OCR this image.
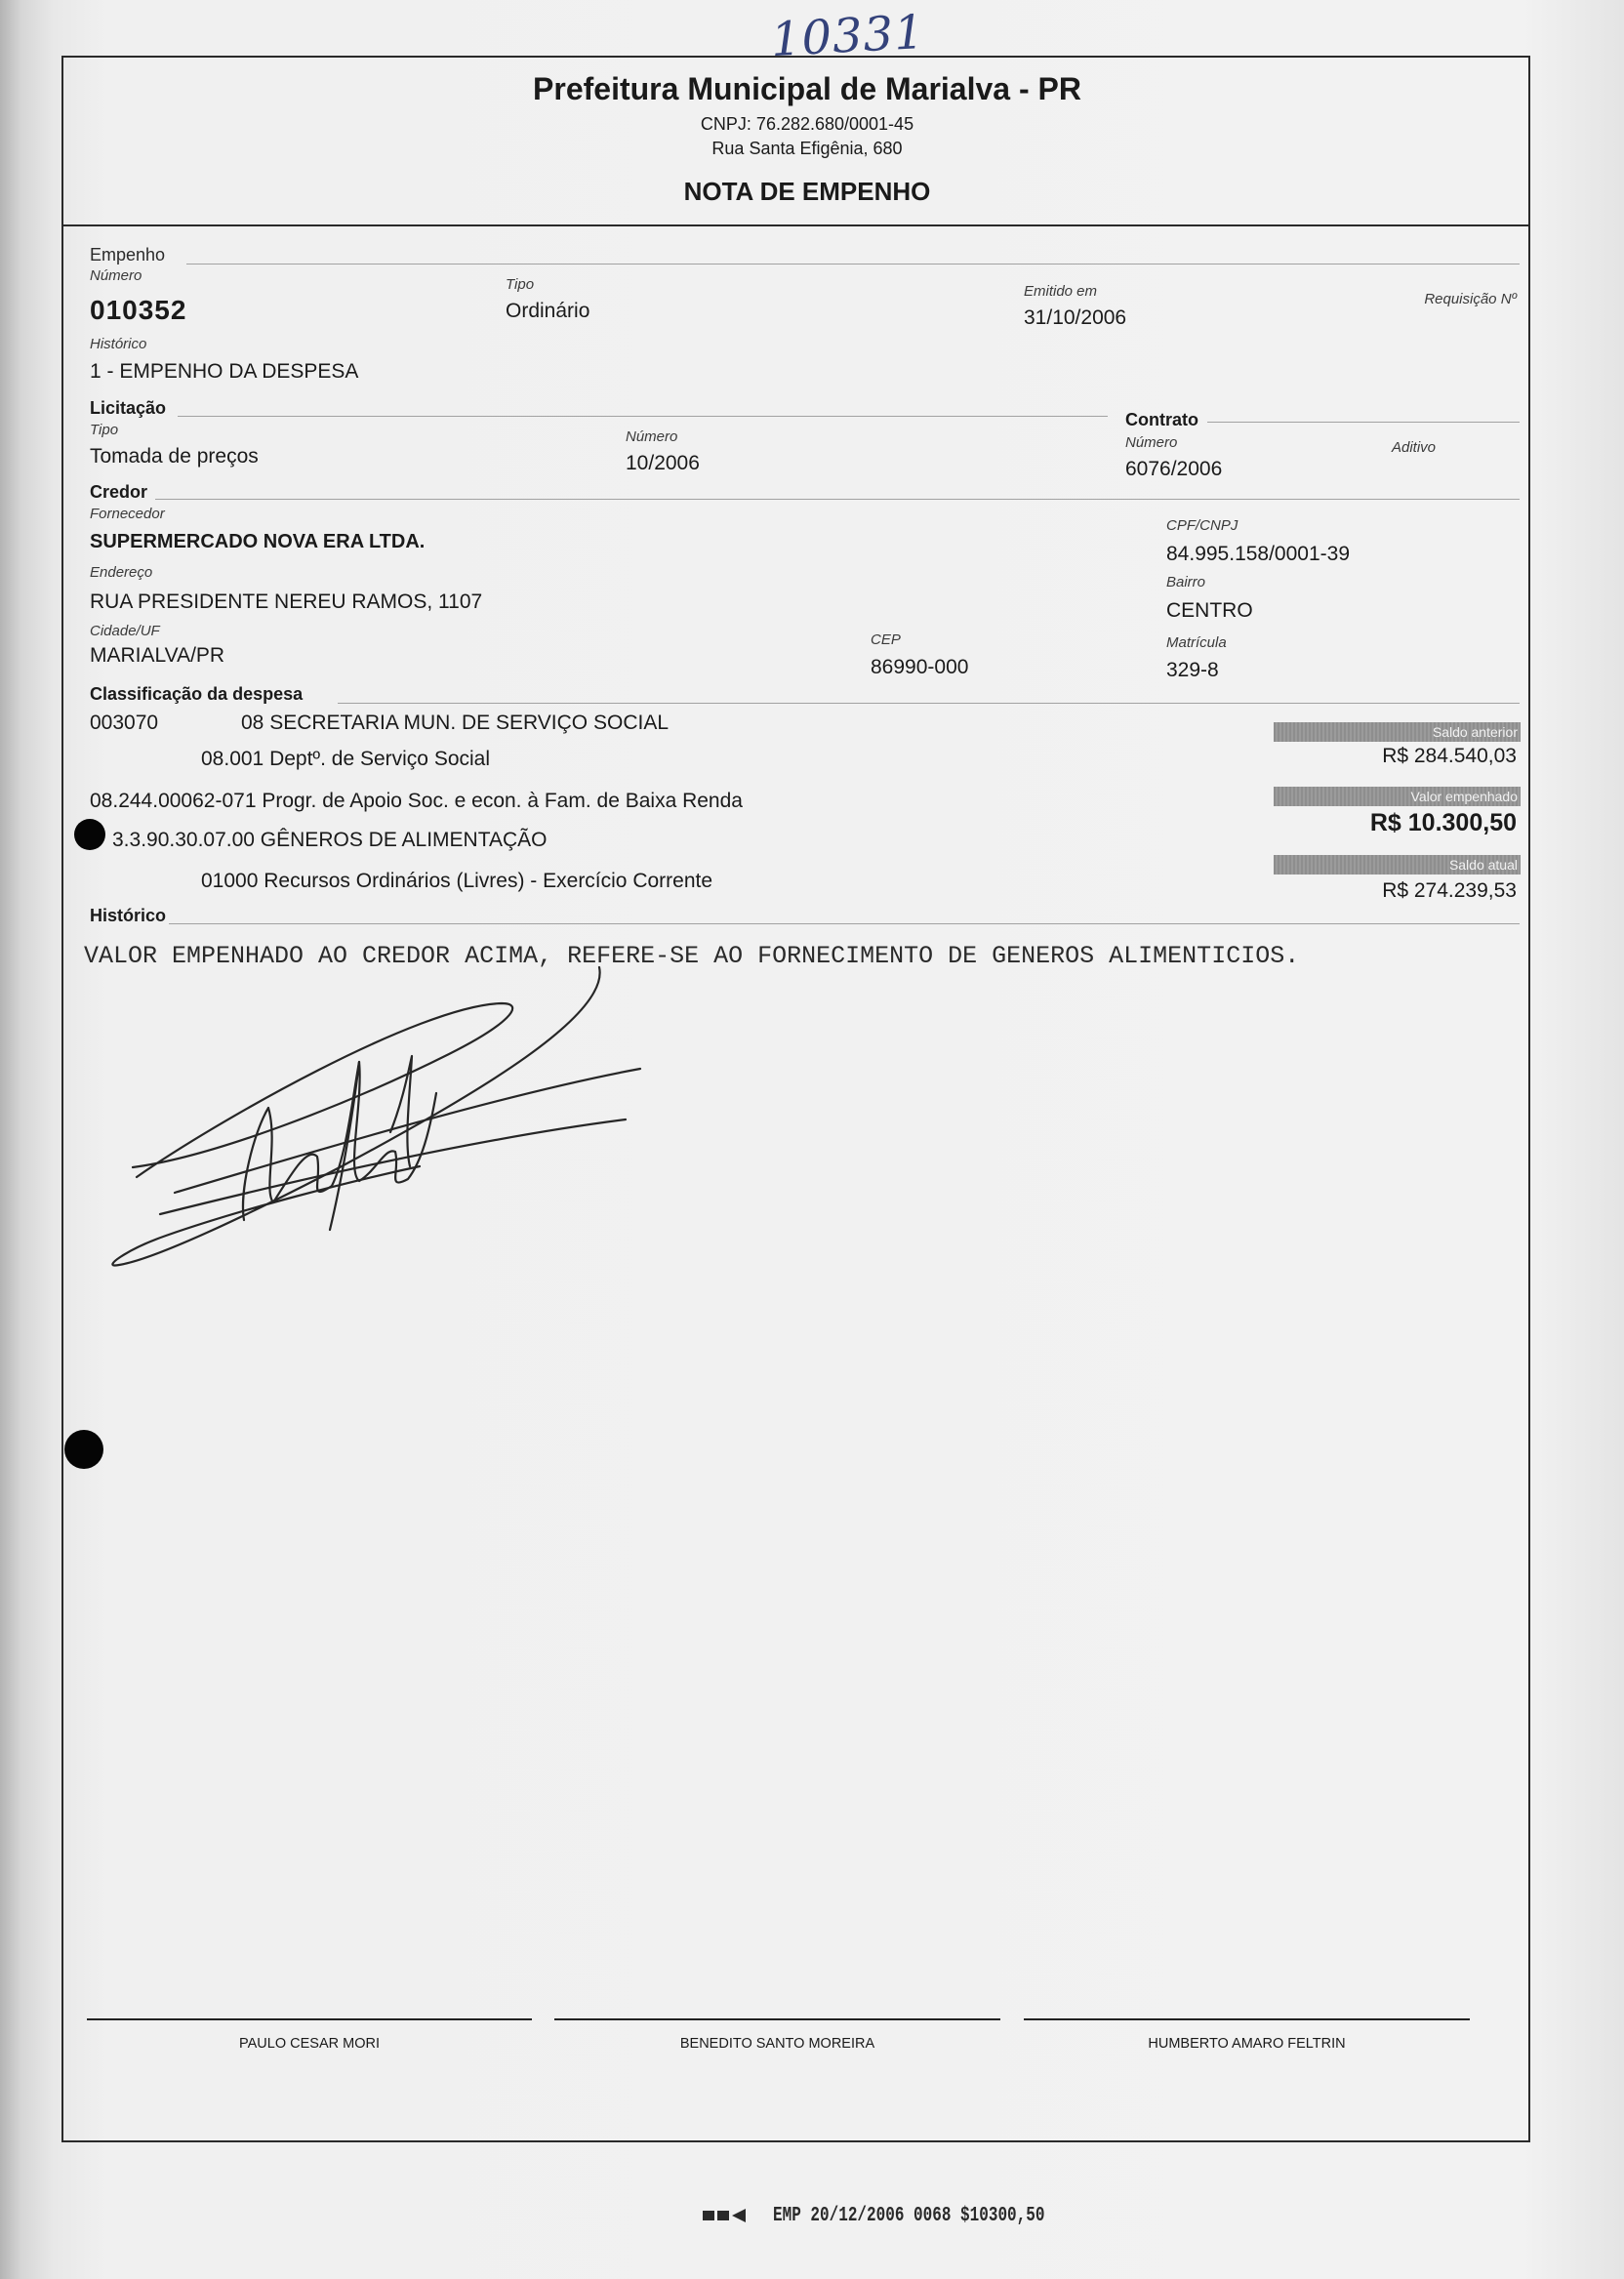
10331
Prefeitura Municipal de Marialva - PR
CNPJ: 76.282.680/0001-45
Rua Santa Efigênia, 680
NOTA DE EMPENHO
Empenho
Número
010352
Tipo
Ordinário
Emitido em
31/10/2006
Requisição Nº
Histórico
1 - EMPENHO DA DESPESA
Licitação
Tipo
Tomada de preços
Número
10/2006
Contrato
Número
6076/2006
Aditivo
Credor
Fornecedor
SUPERMERCADO NOVA ERA LTDA.
CPF/CNPJ
84.995.158/0001-39
Endereço
RUA PRESIDENTE NEREU RAMOS, 1107
Bairro
CENTRO
Cidade/UF
MARIALVA/PR
CEP
86990-000
Matrícula
329-8
Classificação da despesa
003070	08 SECRETARIA MUN. DE SERVIÇO SOCIAL
08.001 Deptº. de Serviço Social
08.244.00062-071 Progr. de Apoio Soc. e econ. à Fam. de Baixa Renda
3.3.90.30.07.00 GÊNEROS DE ALIMENTAÇÃO
01000 Recursos Ordinários (Livres) - Exercício Corrente
Saldo anterior
R$ 284.540,03
Valor empenhado
R$ 10.300,50
Saldo atual
R$ 274.239,53
Histórico
VALOR EMPENHADO AO CREDOR ACIMA, REFERE-SE AO FORNECIMENTO DE GENEROS ALIMENTICIOS.
PAULO CESAR MORI	BENEDITO SANTO MOREIRA	HUMBERTO AMARO FELTRIN
EMP 20/12/2006 0068 $10300,50
